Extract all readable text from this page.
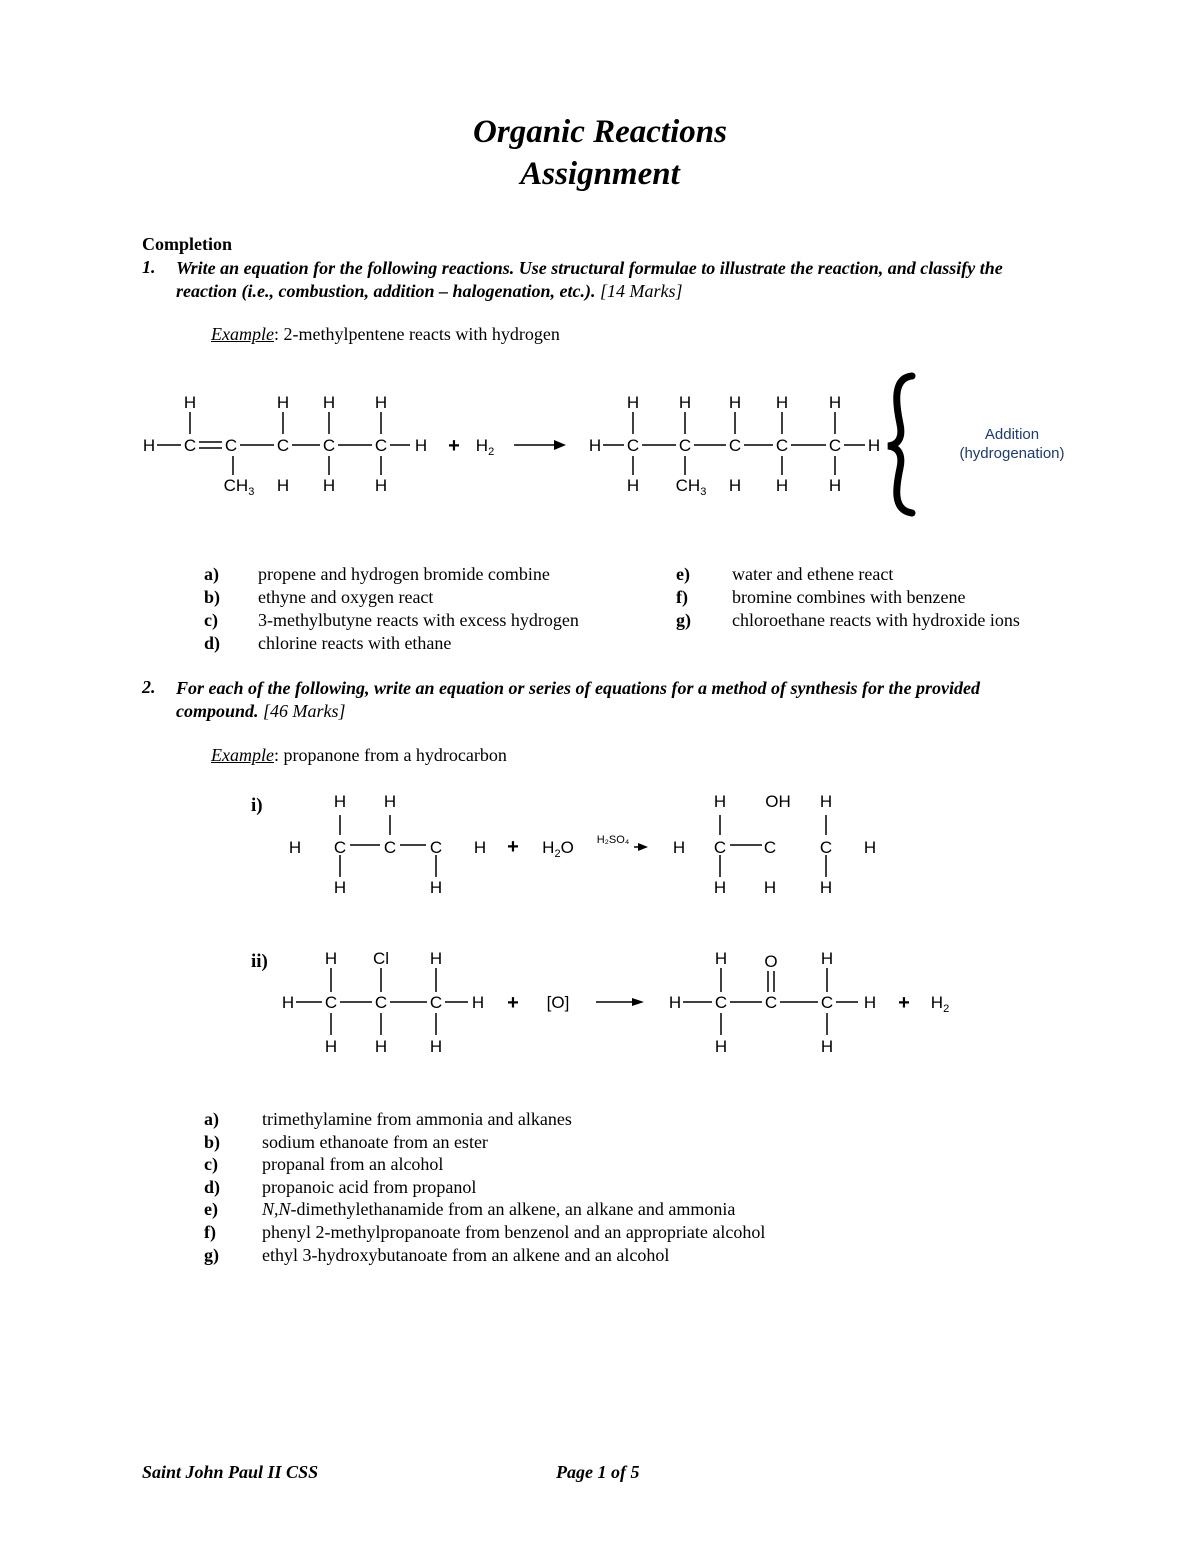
Organic Reactions
Assignment
Completion
1. Write an equation for the following reactions. Use structural formulae to illustrate the reaction, and classify the reaction (i.e., combustion, addition – halogenation, etc.). [14 Marks]
Example: 2-methylpentene reacts with hydrogen
H	H H H
H C C C C C H
$CH_3$ H H H
+ $H_2$
H H H H H
H C C C C C H
H $CH_3$ H H H
Addition
(hydrogenation)
a) propene and hydrogen bromide combine
b) ethyne and oxygen react
c) 3-methylbutyne reacts with excess hydrogen
d) chlorine reacts with ethane
e) water and ethene react
f) bromine combines with benzene
g) chloroethane reacts with hydroxide ions
2. For each of the following, write an equation or series of equations for a method of synthesis for the provided compound. [46 Marks]
Example: propanone from a hydrocarbon
i)
ii)
H H
H C C C H
H	H
+ $H_2O$	H
H OH H
C C	C H
H H	H
H₂SO₄
H Cl H
H C C	C H
H H	H
+	H
H O	H
C C	C H
H	H
+ $H_2$
[O]
a) trimethylamine from ammonia and alkanes
b) sodium ethanoate from an ester
c) propanal from an alcohol
d) propanoic acid from propanol
e) N,N-dimethylethanamide from an alkene, an alkane and ammonia
f)	phenyl 2-methylpropanoate from benzenol and an appropriate alcohol
g) ethyl 3-hydroxybutanoate from an alkene and an alcohol
Saint John Paul II CSS	Page 1 of 5
